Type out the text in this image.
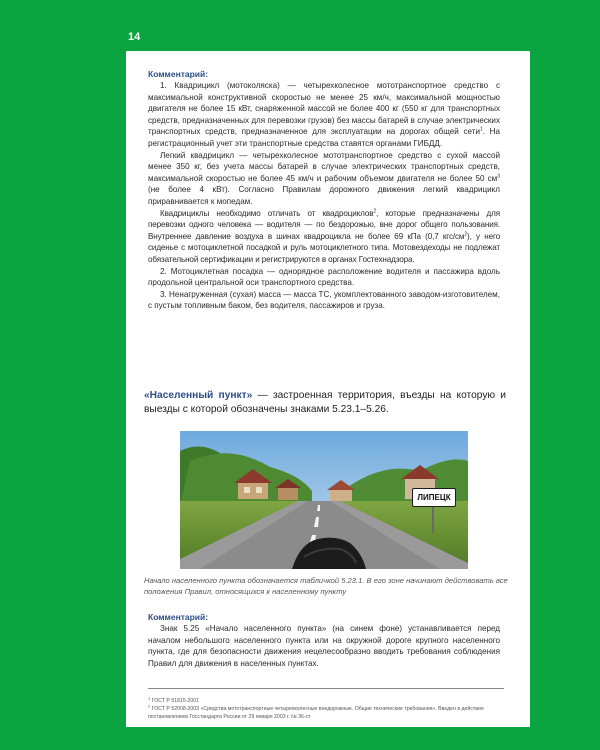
14
Комментарий:

1. Квадрицикл (мотоколяска) — четырехколесное мототранспортное средство с максимальной конструктивной скоростью не менее 25 км/ч, максимальной мощностью двигателя не более 15 кВт, снаряженной массой не более 400 кг (550 кг для транспортных средств, предназначенных для перевозки грузов) без массы батарей в случае электрических транспортных средств, предназначенное для эксплуатации на дорогах общей сети$^1$. На регистрационный учет эти транспортные средства ставятся органами ГИБДД.

Легкий квадрицикл — четырехколесное мототранспортное средство с сухой массой менее 350 кг, без учета массы батарей в случае электрических транспортных средств, максимальной скоростью не более 45 км/ч и рабочим объемом двигателя не более 50 $см^3$ (не более 4 кВт). Согласно Правилам дорожного движения легкий квадрицикл приравнивается к мопедам.

Квадрициклы необходимо отличать от квадроциклов$^2$, которые предназначены для перевозки одного человека — водителя — по бездорожью, вне дорог общего пользования. Внутреннее давление воздуха в шинах квадроцикла не более 69 кПа (0,7 кгс/$см^2$), у него сиденье с мотоциклетной посадкой и руль мотоциклетного типа. Мотовездеходы не подлежат обязательной сертификации и регистрируются в органах Гостехнадзора.

2. Мотоциклетная посадка — однорядное расположение водителя и пассажира вдоль продольной центральной оси транспортного средства.

3. Ненагруженная (сухая) масса — масса ТС, укомплектованного заводом-изготовителем, с пустым топливным баком, без водителя, пассажиров и груза.

«Населенный пункт» — застроенная территория, въезды на которую и выезды с которой обозначены знаками 5.23.1–5.26.

ЛИПЕЦК

Начало населенного пункта обозначается табличкой 5.23.1. В его зоне начинают действовать все положения Правил, относящихся к населенному пункту

Комментарий:

Знак 5.25 «Начало населенного пункта» (на синем фоне) устанавливается перед началом небольшого населенного пункта или на окружной дороге крупного населенного пункта, где для безопасности движения нецелесообразно вводить требования соблюдения Правил для движения в населенных пунктах.

$^1$ ГОСТ Р 51815-2001

$^2$ ГОСТ Р 52008-2003 «Средства мототранспортные четырехколесные внедорожные. Общие технические требования». Введен в действие постановлением Госстандарта России от 29 января 2003 г. № 36-ст
